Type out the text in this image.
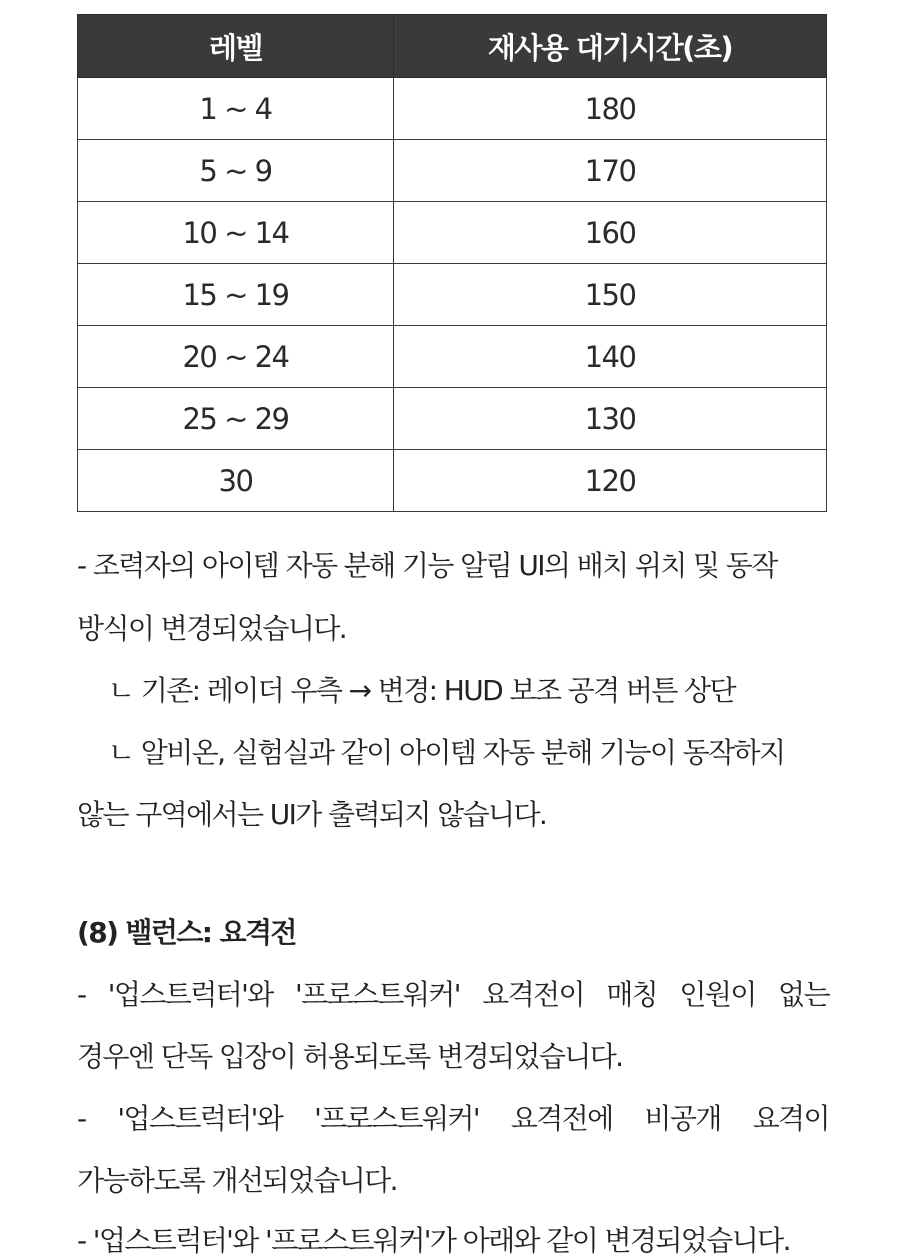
레벨	재사용 대기시간(초)
1 ~ 4	180
5 ~ 9	170
10 ~ 14	160
15 ~ 19	150
20 ~ 24	140
25 ~ 29	130
30	120
- 조력자의 아이템 자동 분해 기능 알림 UI의 배치 위치 및 동작
방식이 변경되었습니다.
ㄴ 기존: 레이더 우측 → 변경: HUD 보조 공격 버튼 상단
ㄴ 알비온, 실험실과 같이 아이템 자동 분해 기능이 동작하지
않는 구역에서는 UI가 출력되지 않습니다.
(8) 밸런스: 요격전
- '업스트럭터'와 '프로스트워커' 요격전이 매칭 인원이 없는
경우엔 단독 입장이 허용되도록 변경되었습니다.
- '업스트럭터'와 '프로스트워커' 요격전에 비공개 요격이
가능하도록 개선되었습니다.
- '업스트럭터'와 '프로스트워커'가 아래와 같이 변경되었습니다.
